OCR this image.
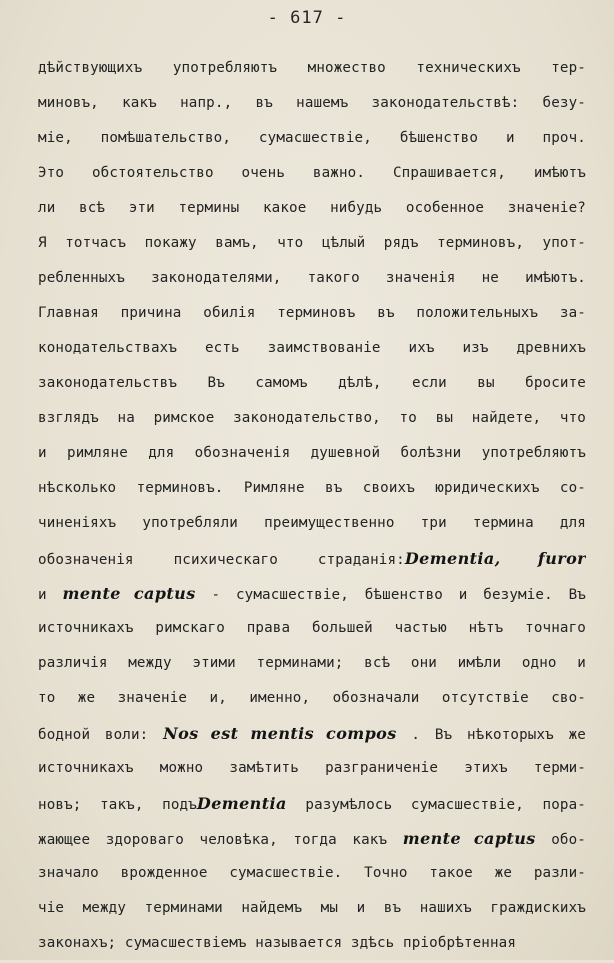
- 617 -
дѣйствующихъ употребляютъ множество техническихъ тер-
миновъ, какъ напр., въ нашемъ законодательствѣ: безу-
міе, помѣшательство, сумасшествіе, бѣшенство и проч.
Это обстоятельство очень важно. Спрашивается, имѣютъ
ли всѣ эти термины какое нибудь особенное значеніе?
Я тотчасъ покажу вамъ, что цѣлый рядъ терминовъ, упот-
ребленныхъ законодателями, такого значенія не имѣютъ.
Главная причина обилія терминовъ въ положительныхъ за-
конодательствахъ есть заимствованіе ихъ изъ древнихъ
законодательствъ Въ самомъ дѣлѣ, если вы бросите
взглядъ на римское законодательство, то вы найдете, что
и римляне для обозначенія душевной болѣзни употребляютъ
нѣсколько терминовъ. Римляне въ своихъ юридическихъ со-
чиненіяхъ употребляли преимущественно три термина для
обозначенія психическаго страданія:Dementia, furor
и mente captus - сумасшествіе, бѣшенство и безуміе. Въ
источникахъ римскаго права большей частью нѣтъ точнаго
различія между этими терминами; всѣ они имѣли одно и
то же значеніе и, именно, обозначали отсутствіе сво-
бодной воли: Nos est mentis compos . Въ нѣкоторыхъ же
источникахъ можно замѣтить разграниченіе этихъ терми-
новъ; такъ, подъDementia разумѣлось сумасшествіе, пора-
жающее здороваго человѣка, тогда какъ mente captus обо-
значало врожденное сумасшествіе. Точно такое же разли-
чіе между терминами найдемъ мы и въ нашихъ граждискихъ
законахъ; сумасшествіемъ называется здѣсь пріобрѣтенная
